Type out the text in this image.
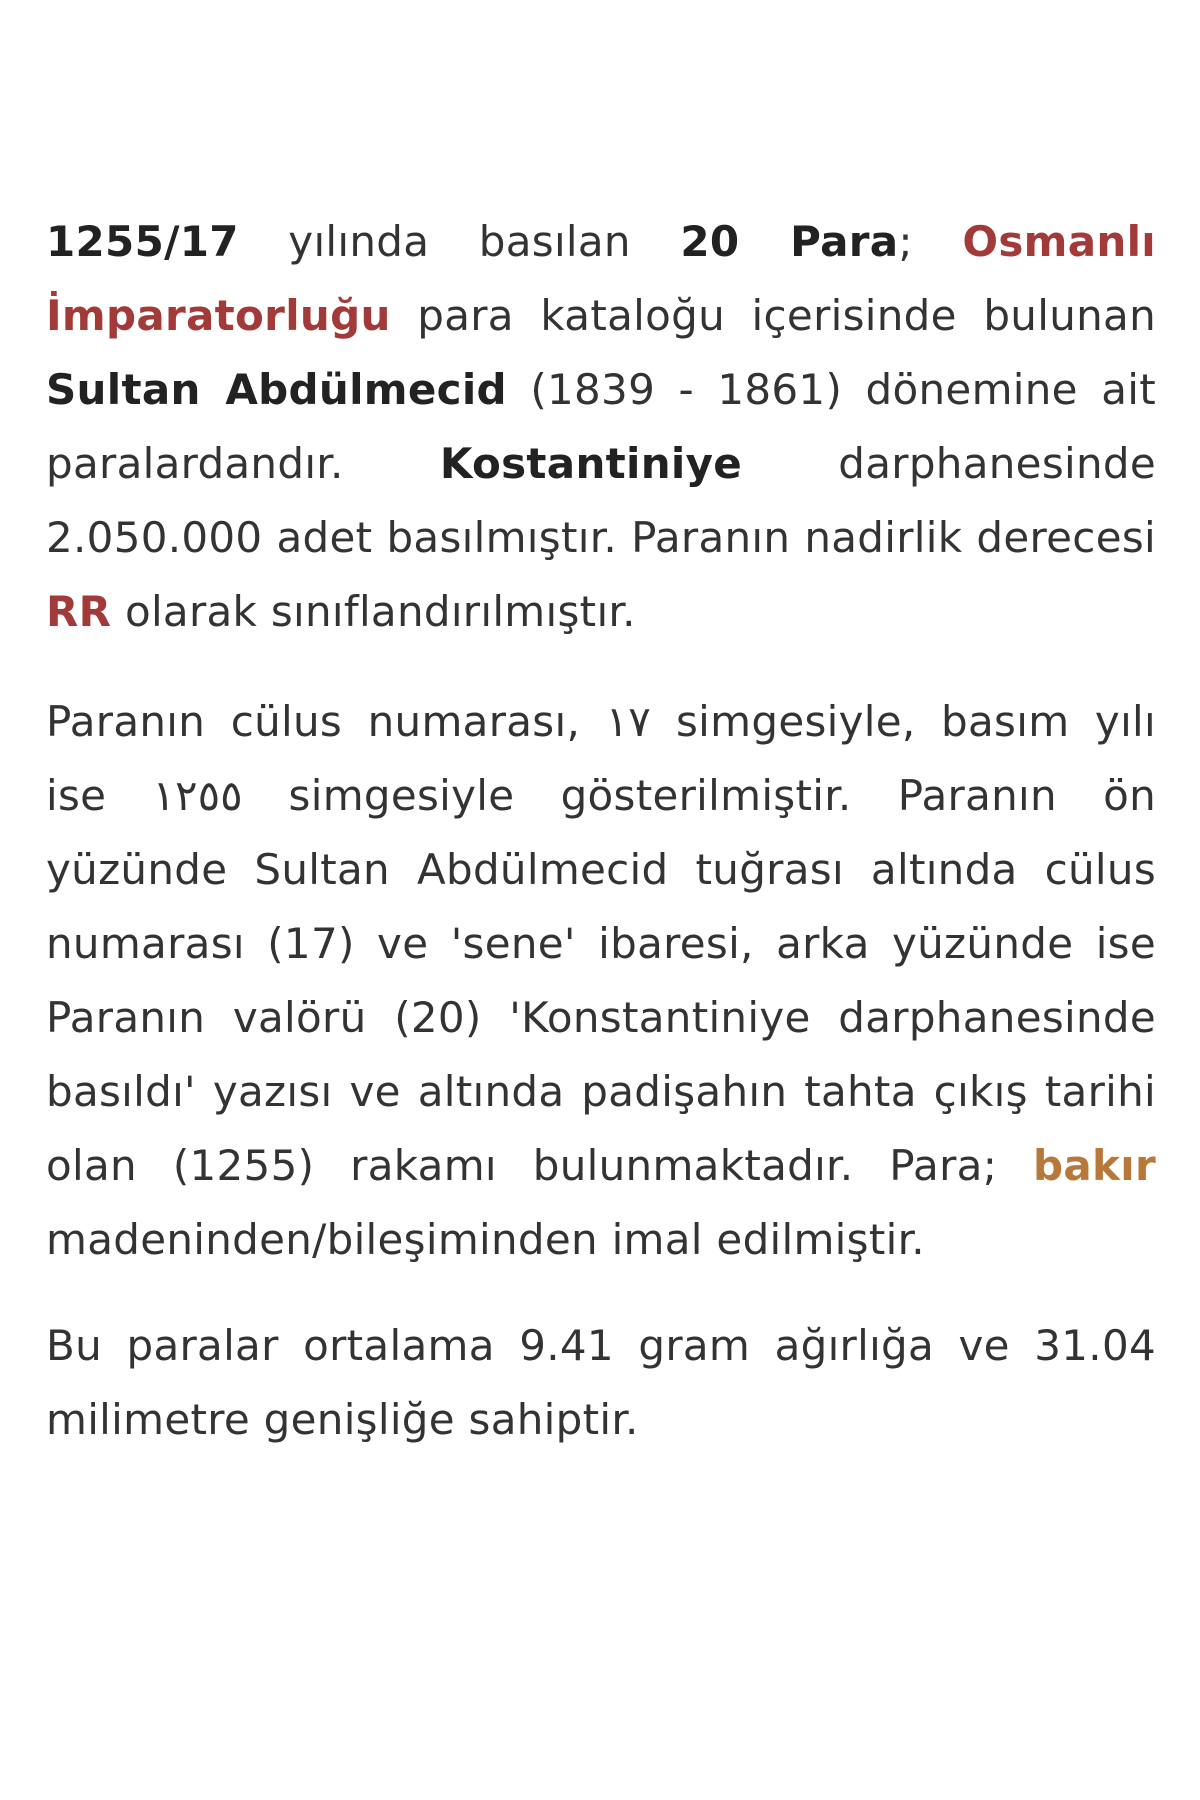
1255/17 yılında basılan 20 Para; Osmanlı İmparatorluğu para kataloğu içerisinde bulunan Sultan Abdülmecid (1839 - 1861) dönemine ait paralardandır. Kostantiniye darphanesinde 2.050.000 adet basılmıştır. Paranın nadirlik derecesi RR olarak sınıflandırılmıştır.

Paranın cülus numarası, ١٧ simgesiyle, basım yılı ise ١٢٥٥ simgesiyle gösterilmiştir. Paranın ön yüzünde Sultan Abdülmecid tuğrası altında cülus numarası (17) ve 'sene' ibaresi, arka yüzünde ise Paranın valörü (20) 'Konstantiniye darphanesinde basıldı' yazısı ve altında padişahın tahta çıkış tarihi olan (1255) rakamı bulunmaktadır. Para; bakır madeninden/bileşiminden imal edilmiştir.

Bu paralar ortalama 9.41 gram ağırlığa ve 31.04 milimetre genişliğe sahiptir.
